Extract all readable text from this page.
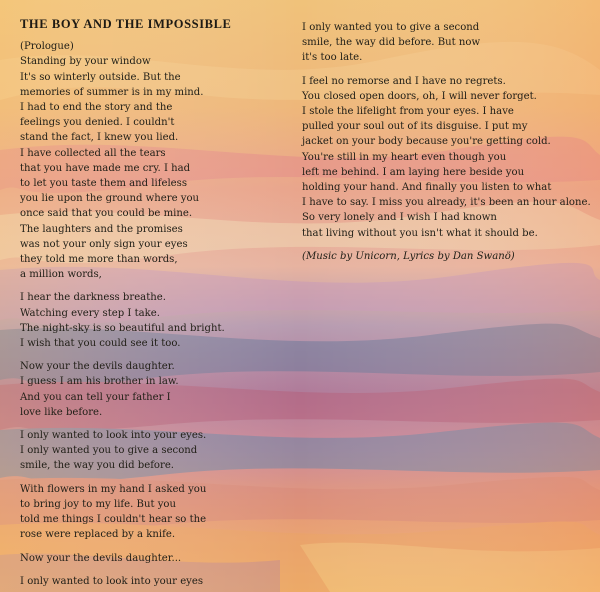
THE BOY AND THE IMPOSSIBLE
(Prologue)
Standing by your window
It's so winterly outside. But the
memories of summer is in my mind.
I had to end the story and the
feelings you denied. I couldn't
stand the fact, I knew you lied.
I have collected all the tears
that you have made me cry. I had
to let you taste them and lifeless
you lie upon the ground where you
once said that you could be mine.
The laughters and the promises
was not your only sign your eyes
they told me more than words,
a million words,
I hear the darkness breathe.
Watching every step I take.
The night-sky is so beautiful and bright.
I wish that you could see it too.
Now your the devils daughter.
I guess I am his brother in law.
And you can tell your father I
love like before.
I only wanted to look into your eyes.
I only wanted you to give a second
smile, the way you did before.
With flowers in my hand I asked you
to bring joy to my life. But you
told me things I couldn't hear so the
rose were replaced by a knife.
Now your the devils daughter...
I only wanted to look into your eyes
I only wanted you to give a second
smile, the way did before. But now
it's too late.
I feel no remorse and I have no regrets.
You closed open doors, oh, I will never forget.
I stole the lifelight from your eyes. I have
pulled your soul out of its disguise. I put my
jacket on your body because you're getting cold.
You're still in my heart even though you
left me behind. I am laying here beside you
holding your hand. And finally you listen to what
I have to say. I miss you already, it's been an hour alone.
So very lonely and I wish I had known
that living without you isn't what it should be.
(Music by Unicorn, Lyrics by Dan Swanö)
